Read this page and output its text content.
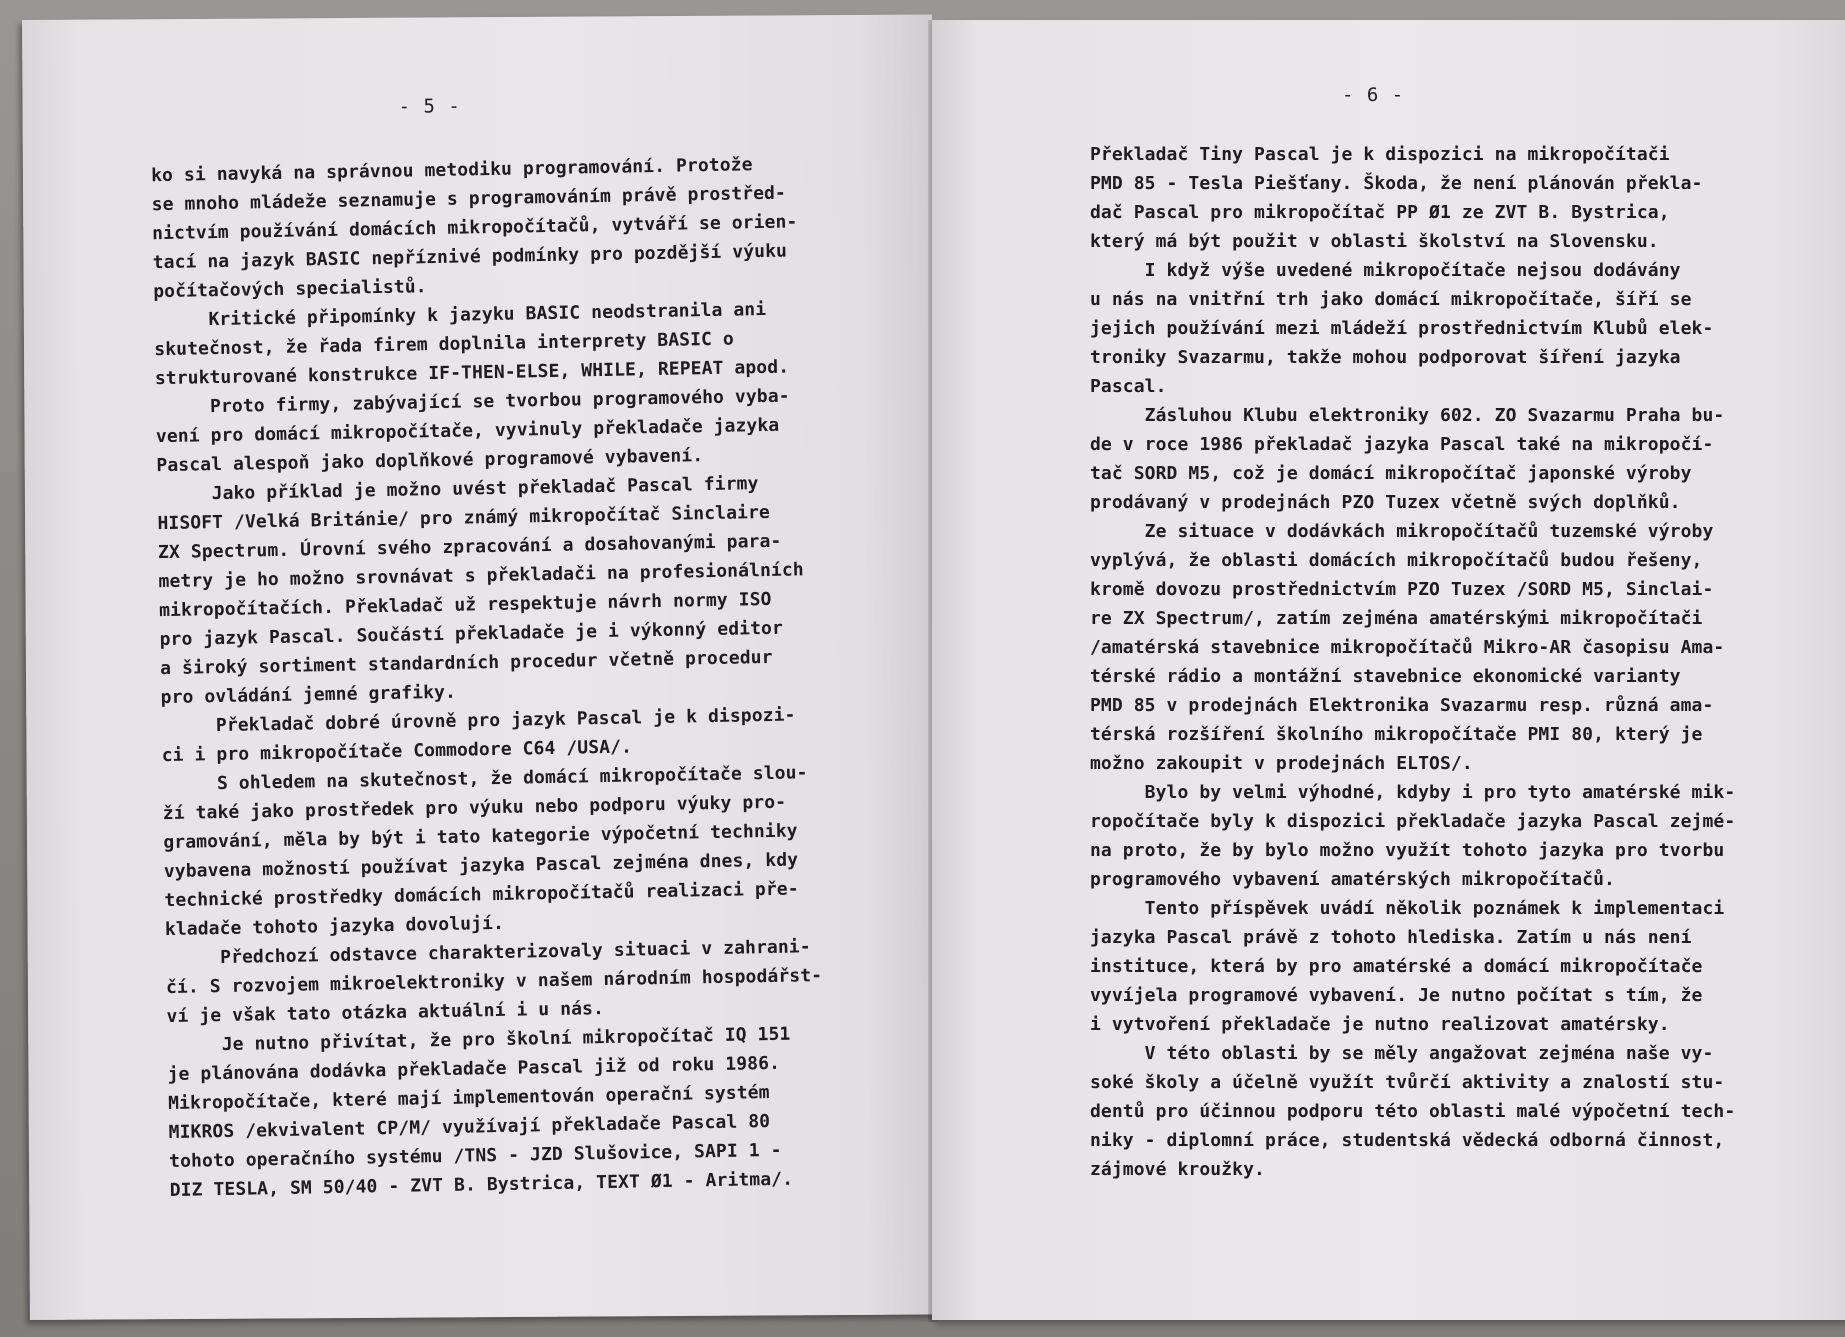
- 5 -
ko si navyká na správnou metodiku programování. Protože
se mnoho mládeže seznamuje s programováním právě prostřed-
nictvím používání domácích mikropočítačů, vytváří se orien-
tací na jazyk BASIC nepříznivé podmínky pro pozdější výuku
počítačových specialistů.
Kritické připomínky k jazyku BASIC neodstranila ani
skutečnost, že řada firem doplnila interprety BASIC o
strukturované konstrukce IF-THEN-ELSE, WHILE, REPEAT apod.
Proto firmy, zabývající se tvorbou programového vyba-
vení pro domácí mikropočítače, vyvinuly překladače jazyka
Pascal alespoň jako doplňkové programové vybavení.
Jako příklad je možno uvést překladač Pascal firmy
HISOFT /Velká Británie/ pro známý mikropočítač Sinclaire
ZX Spectrum. Úrovní svého zpracování a dosahovanými para-
metry je ho možno srovnávat s překladači na profesionálních
mikropočítačích. Překladač už respektuje návrh normy ISO
pro jazyk Pascal. Součástí překladače je i výkonný editor
a široký sortiment standardních procedur včetně procedur
pro ovládání jemné grafiky.
Překladač dobré úrovně pro jazyk Pascal je k dispozi-
ci i pro mikropočítače Commodore C64 /USA/.
S ohledem na skutečnost, že domácí mikropočítače slou-
ží také jako prostředek pro výuku nebo podporu výuky pro-
gramování, měla by být i tato kategorie výpočetní techniky
vybavena možností používat jazyka Pascal zejména dnes, kdy
technické prostředky domácích mikropočítačů realizaci pře-
kladače tohoto jazyka dovolují.
Předchozí odstavce charakterizovaly situaci v zahrani-
čí. S rozvojem mikroelektroniky v našem národním hospodářst-
ví je však tato otázka aktuální i u nás.
Je nutno přivítat, že pro školní mikropočítač IQ 151
je plánována dodávka překladače Pascal již od roku 1986.
Mikropočítače, které mají implementován operační systém
MIKROS /ekvivalent CP/M/ využívají překladače Pascal 80
tohoto operačního systému /TNS - JZD Slušovice, SAPI 1 -
DIZ TESLA, SM 50/40 - ZVT B. Bystrica, TEXT Ø1 - Aritma/.
- 6 -
Překladač Tiny Pascal je k dispozici na mikropočítači
PMD 85 - Tesla Piešťany. Škoda, že není plánován překla-
dač Pascal pro mikropočítač PP Ø1 ze ZVT B. Bystrica,
který má být použit v oblasti školství na Slovensku.
I když výše uvedené mikropočítače nejsou dodávány
u nás na vnitřní trh jako domácí mikropočítače, šíří se
jejich používání mezi mládeží prostřednictvím Klubů elek-
troniky Svazarmu, takže mohou podporovat šíření jazyka
Pascal.
Zásluhou Klubu elektroniky 602. ZO Svazarmu Praha bu-
de v roce 1986 překladač jazyka Pascal také na mikropočí-
tač SORD M5, což je domácí mikropočítač japonské výroby
prodávaný v prodejnách PZO Tuzex včetně svých doplňků.
Ze situace v dodávkách mikropočítačů tuzemské výroby
vyplývá, že oblasti domácích mikropočítačů budou řešeny,
kromě dovozu prostřednictvím PZO Tuzex /SORD M5, Sinclai-
re ZX Spectrum/, zatím zejména amatérskými mikropočítači
/amatérská stavebnice mikropočítačů Mikro-AR časopisu Ama-
térské rádio a montážní stavebnice ekonomické varianty
PMD 85 v prodejnách Elektronika Svazarmu resp. různá ama-
térská rozšíření školního mikropočítače PMI 80, který je
možno zakoupit v prodejnách ELTOS/.
Bylo by velmi výhodné, kdyby i pro tyto amatérské mik-
ropočítače byly k dispozici překladače jazyka Pascal zejmé-
na proto, že by bylo možno využít tohoto jazyka pro tvorbu
programového vybavení amatérských mikropočítačů.
Tento příspěvek uvádí několik poznámek k implementaci
jazyka Pascal právě z tohoto hlediska. Zatím u nás není
instituce, která by pro amatérské a domácí mikropočítače
vyvíjela programové vybavení. Je nutno počítat s tím, že
i vytvoření překladače je nutno realizovat amatérsky.
V této oblasti by se měly angažovat zejména naše vy-
soké školy a účelně využít tvůrčí aktivity a znalostí stu-
dentů pro účinnou podporu této oblasti malé výpočetní tech-
niky - diplomní práce, studentská vědecká odborná činnost,
zájmové kroužky.
